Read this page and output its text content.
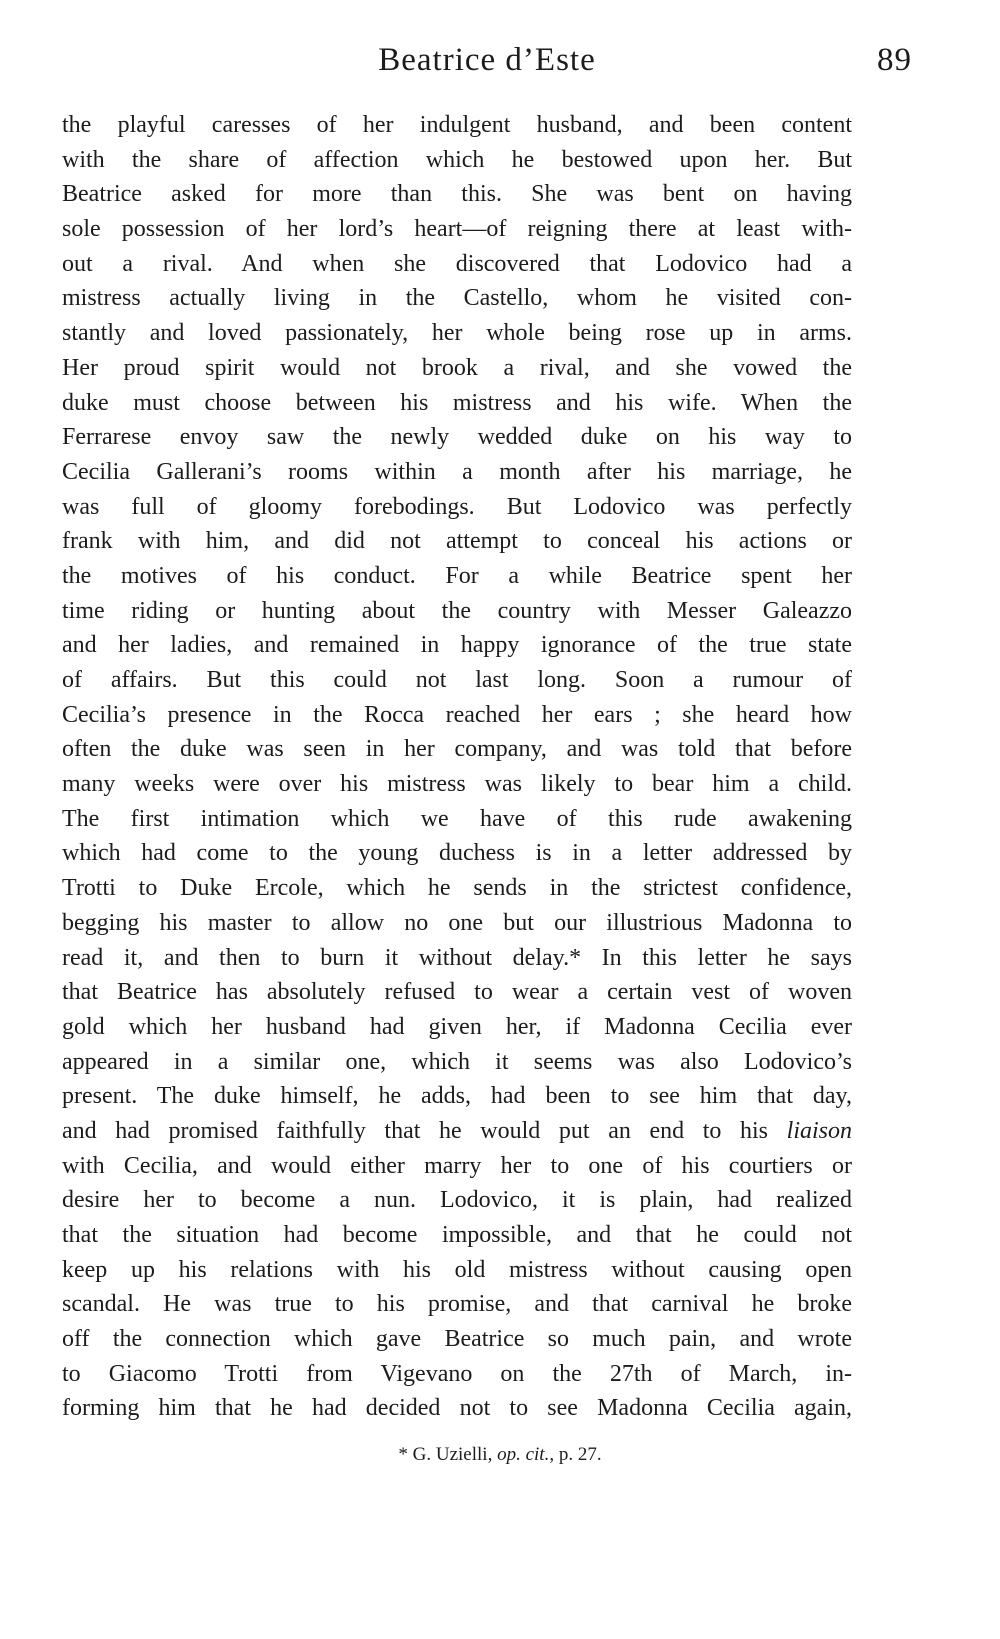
Beatrice d’Este	89
the playful caresses of her indulgent husband, and been content
with the share of affection which he bestowed upon her. But
Beatrice asked for more than this. She was bent on having
sole possession of her lord’s heart—of reigning there at least with-
out a rival. And when she discovered that Lodovico had a
mistress actually living in the Castello, whom he visited con-
stantly and loved passionately, her whole being rose up in arms.
Her proud spirit would not brook a rival, and she vowed the
duke must choose between his mistress and his wife. When the
Ferrarese envoy saw the newly wedded duke on his way to
Cecilia Gallerani’s rooms within a month after his marriage, he
was full of gloomy forebodings. But Lodovico was perfectly
frank with him, and did not attempt to conceal his actions or
the motives of his conduct. For a while Beatrice spent her
time riding or hunting about the country with Messer Galeazzo
and her ladies, and remained in happy ignorance of the true state
of affairs. But this could not last long. Soon a rumour of
Cecilia’s presence in the Rocca reached her ears ; she heard how
often the duke was seen in her company, and was told that before
many weeks were over his mistress was likely to bear him a child.
The first intimation which we have of this rude awakening
which had come to the young duchess is in a letter addressed by
Trotti to Duke Ercole, which he sends in the strictest confidence,
begging his master to allow no one but our illustrious Madonna to
read it, and then to burn it without delay.* In this letter he says
that Beatrice has absolutely refused to wear a certain vest of woven
gold which her husband had given her, if Madonna Cecilia ever
appeared in a similar one, which it seems was also Lodovico’s
present. The duke himself, he adds, had been to see him that day,
and had promised faithfully that he would put an end to his liaison
with Cecilia, and would either marry her to one of his courtiers or
desire her to become a nun. Lodovico, it is plain, had realized
that the situation had become impossible, and that he could not
keep up his relations with his old mistress without causing open
scandal. He was true to his promise, and that carnival he broke
off the connection which gave Beatrice so much pain, and wrote
to Giacomo Trotti from Vigevano on the 27th of March, in-
forming him that he had decided not to see Madonna Cecilia again,
* G. Uzielli, op. cit., p. 27.
